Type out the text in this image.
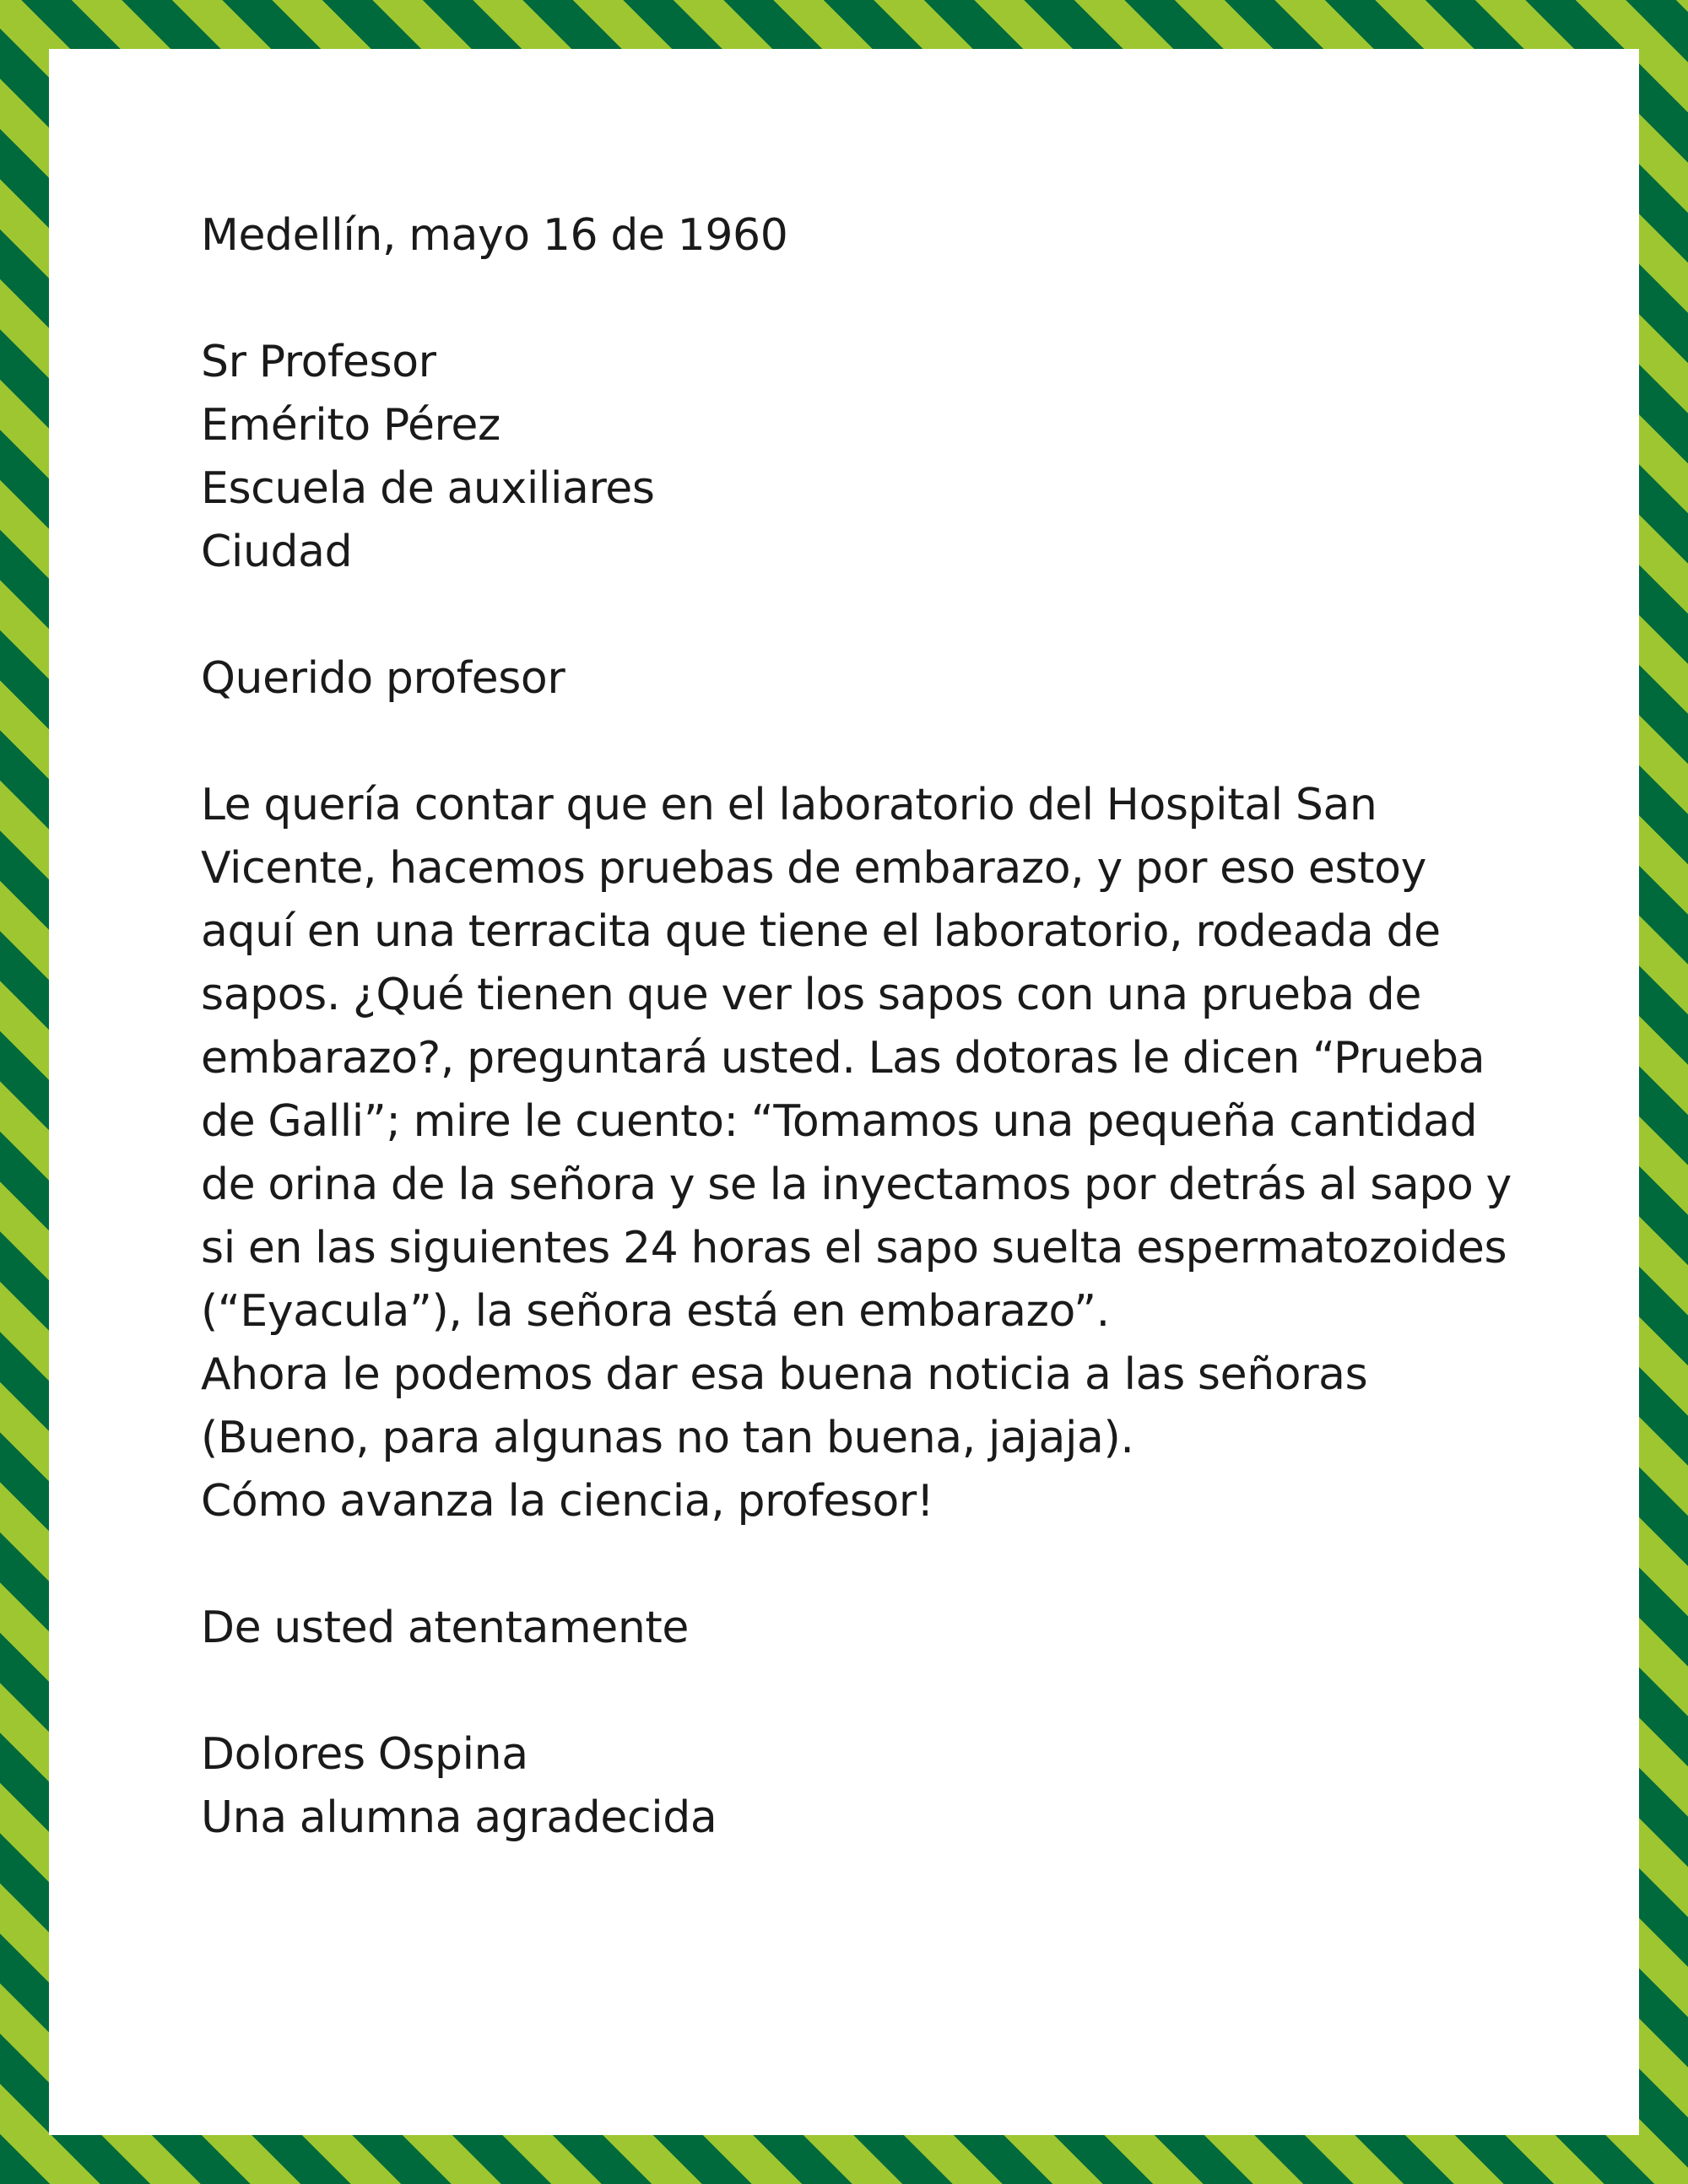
Medellín, mayo 16 de 1960

Sr Profesor

Emérito Pérez

Escuela de auxiliares

Ciudad

Querido profesor

Le quería contar que en el laboratorio del Hospital San

Vicente, hacemos pruebas de embarazo, y por eso estoy

aquí en una terracita que tiene el laboratorio, rodeada de

sapos. ¿Qué tienen que ver los sapos con una prueba de

embarazo?, preguntará usted. Las dotoras le dicen “Prueba

de Galli”; mire le cuento: “Tomamos una pequeña cantidad

de orina de la señora y se la inyectamos por detrás al sapo y

si en las siguientes 24 horas el sapo suelta espermatozoides

(“Eyacula”), la señora está en embarazo”.

Ahora le podemos dar esa buena noticia a las señoras

(Bueno, para algunas no tan buena, jajaja).

Cómo avanza la ciencia, profesor!

De usted atentamente

Dolores Ospina

Una alumna agradecida
